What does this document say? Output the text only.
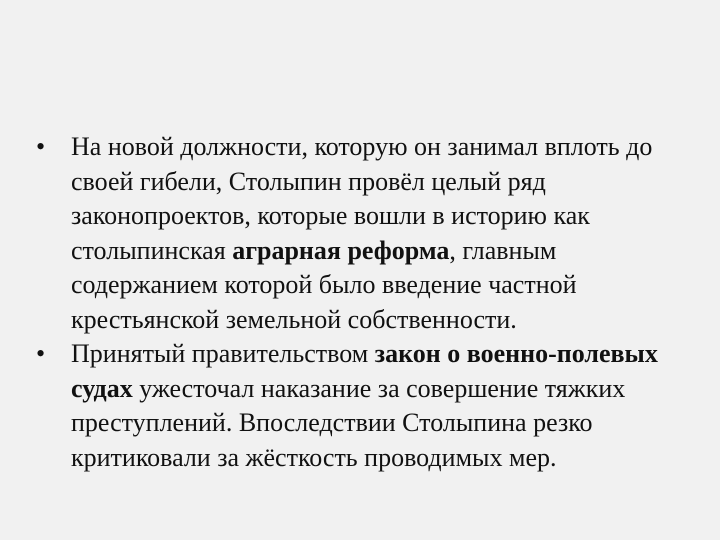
• На новой должности, которую он занимал вплоть до своей гибели, Столыпин провёл целый ряд законопроектов, которые вошли в историю как столыпинская аграрная реформа, главным содержанием которой было введение частной крестьянской земельной собственности.
• Принятый правительством закон о военно-полевых судах ужесточал наказание за совершение тяжких преступлений. Впоследствии Столыпина резко критиковали за жёсткость проводимых мер.
